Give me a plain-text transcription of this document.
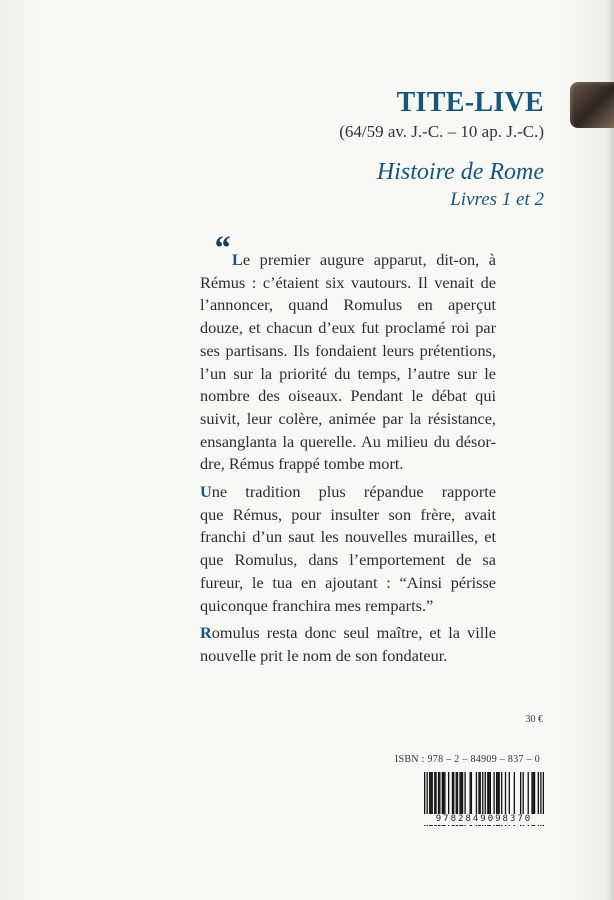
TITE-LIVE
(64/59 av. J.-C. – 10 ap. J.-C.)
Histoire de Rome
Livres 1 et 2
“ Le premier augure apparut, dit-on, à
Rémus : c’étaient six vautours. Il venait de
l’annoncer, quand Romulus en aperçut
douze, et chacun d’eux fut proclamé roi par
ses partisans. Ils fondaient leurs prétentions,
l’un sur la priorité du temps, l’autre sur le
nombre des oiseaux. Pendant le débat qui
suivit, leur colère, animée par la résistance,
ensanglanta la querelle. Au milieu du désor-
dre, Rémus frappé tombe mort.

Une tradition plus répandue rapporte
que Rémus, pour insulter son frère, avait
franchi d’un saut les nouvelles murailles, et
que Romulus, dans l’emportement de sa
fureur, le tua en ajoutant : “Ainsi périsse
quiconque franchira mes remparts.”

Romulus resta donc seul maître, et la ville
nouvelle prit le nom de son fondateur.

30 €
ISBN : 978 – 2 – 84909 – 837 – 0
9782849098370
